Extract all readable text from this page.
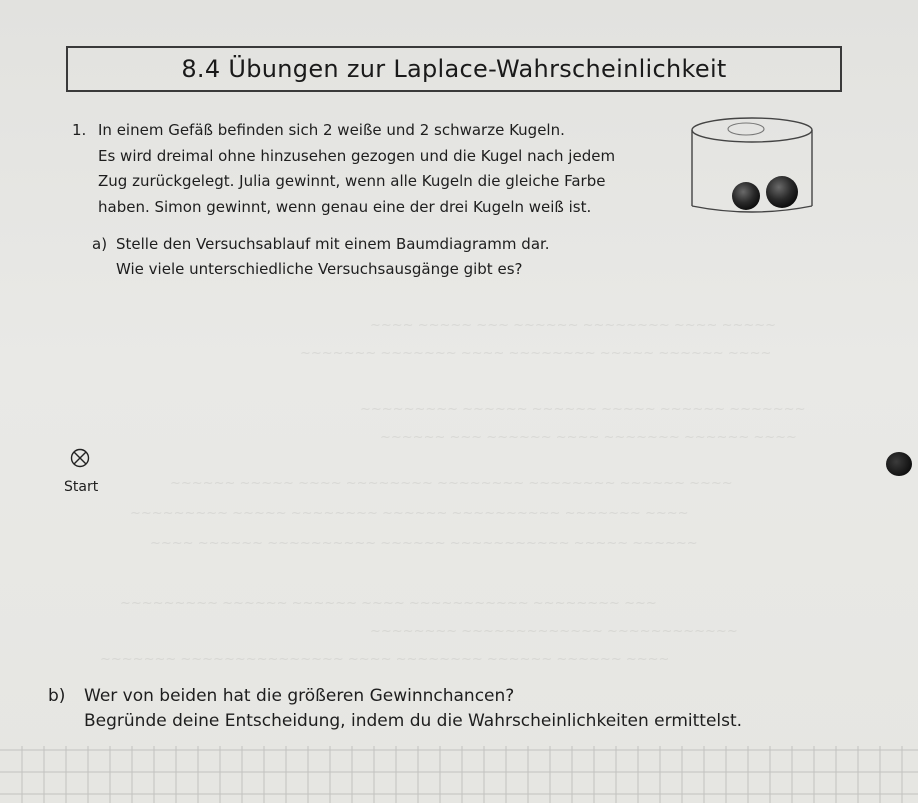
~~~~ ~~~~~ ~~~ ~~~~~~ ~~~~~~~~ ~~~~ ~~~~~
~~~~~~~ ~~~~~~~ ~~~~ ~~~~~~~~ ~~~~~ ~~~~~~ ~~~~
~~~~~~~~~ ~~~~~~ ~~~~~~ ~~~~~ ~~~~~~ ~~~~~~~
~~~~~~ ~~~ ~~~~~~ ~~~~ ~~~~~~~ ~~~~~~ ~~~~
~~~~~~ ~~~~~ ~~~~ ~~~~~~~~ ~~~~~~~~ ~~~~~~~~ ~~~~~~ ~~~~
~~~~~~~~~ ~~~~~ ~~~~~~~~ ~~~~~~ ~~~~~~~~~~ ~~~~~~~ ~~~~
~~~~ ~~~~~~ ~~~~~~~~~~ ~~~~~~ ~~~~~~~~~~~ ~~~~~ ~~~~~~
~~~~~~~~~ ~~~~~~ ~~~~~~ ~~~~ ~~~~~~~~~~~ ~~~~~~~~ ~~~
~~~~~~~~ ~~~~~~~~~~~~~ ~~~~~~~~~~~~
~~~~~~~ ~~~~~~~~~~~~~~~ ~~~~ ~~~~~~~~ ~~~~~~ ~~~~~~ ~~~~
8.4 Übungen zur Laplace-Wahrscheinlichkeit
1. In einem Gefäß befinden sich 2 weiße und 2 schwarze Kugeln.
Es wird dreimal ohne hinzusehen gezogen und die Kugel nach jedem
Zug zurückgelegt. Julia gewinnt, wenn alle Kugeln die gleiche Farbe
haben. Simon gewinnt, wenn genau eine der drei Kugeln weiß ist.
a) Stelle den Versuchsablauf mit einem Baumdiagramm dar.
Wie viele unterschiedliche Versuchsausgänge gibt es?
Start
b) Wer von beiden hat die größeren Gewinnchancen?
Begründe deine Entscheidung, indem du die Wahrscheinlichkeiten ermittelst.
